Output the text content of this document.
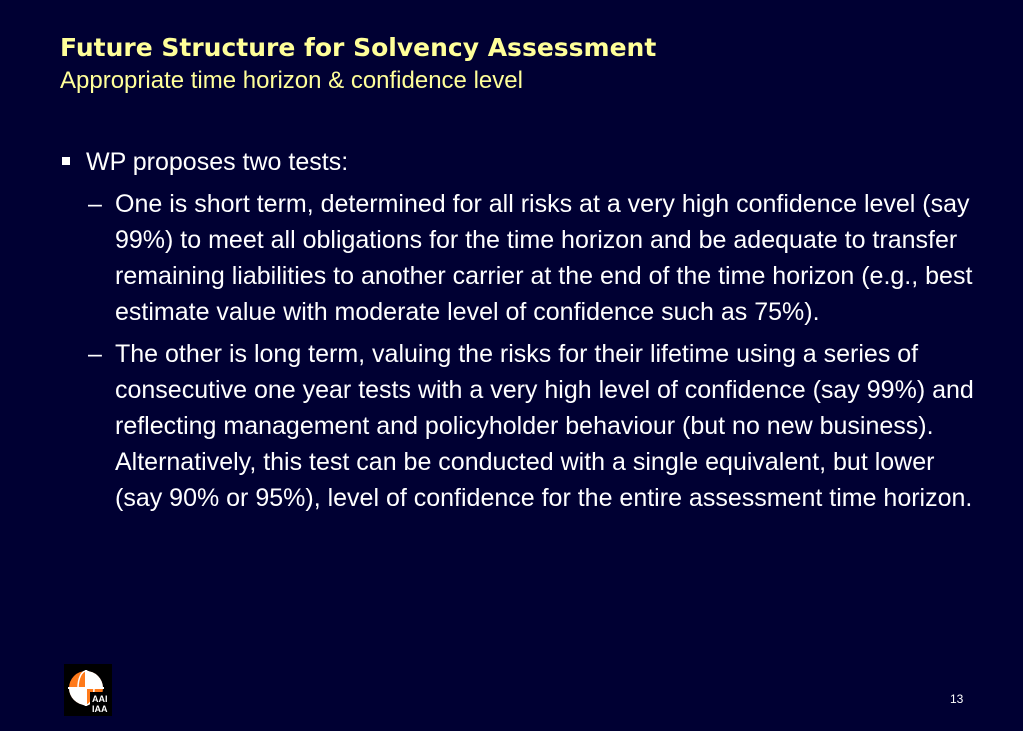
Future Structure for Solvency Assessment
Appropriate time horizon & confidence level
WP proposes two tests:
– One is short term, determined for all risks at a very high confidence level (say 99%) to meet all obligations for the time horizon and be adequate to transfer remaining liabilities to another carrier at the end of the time horizon (e.g., best estimate value with moderate level of confidence such as 75%).
– The other is long term, valuing the risks for their lifetime using a series of consecutive one year tests with a very high level of confidence (say 99%) and reflecting management and policyholder behaviour (but no new business). Alternatively, this test can be conducted with a single equivalent, but lower (say 90% or 95%), level of confidence for the entire assessment time horizon.
AAI
IAA
13
